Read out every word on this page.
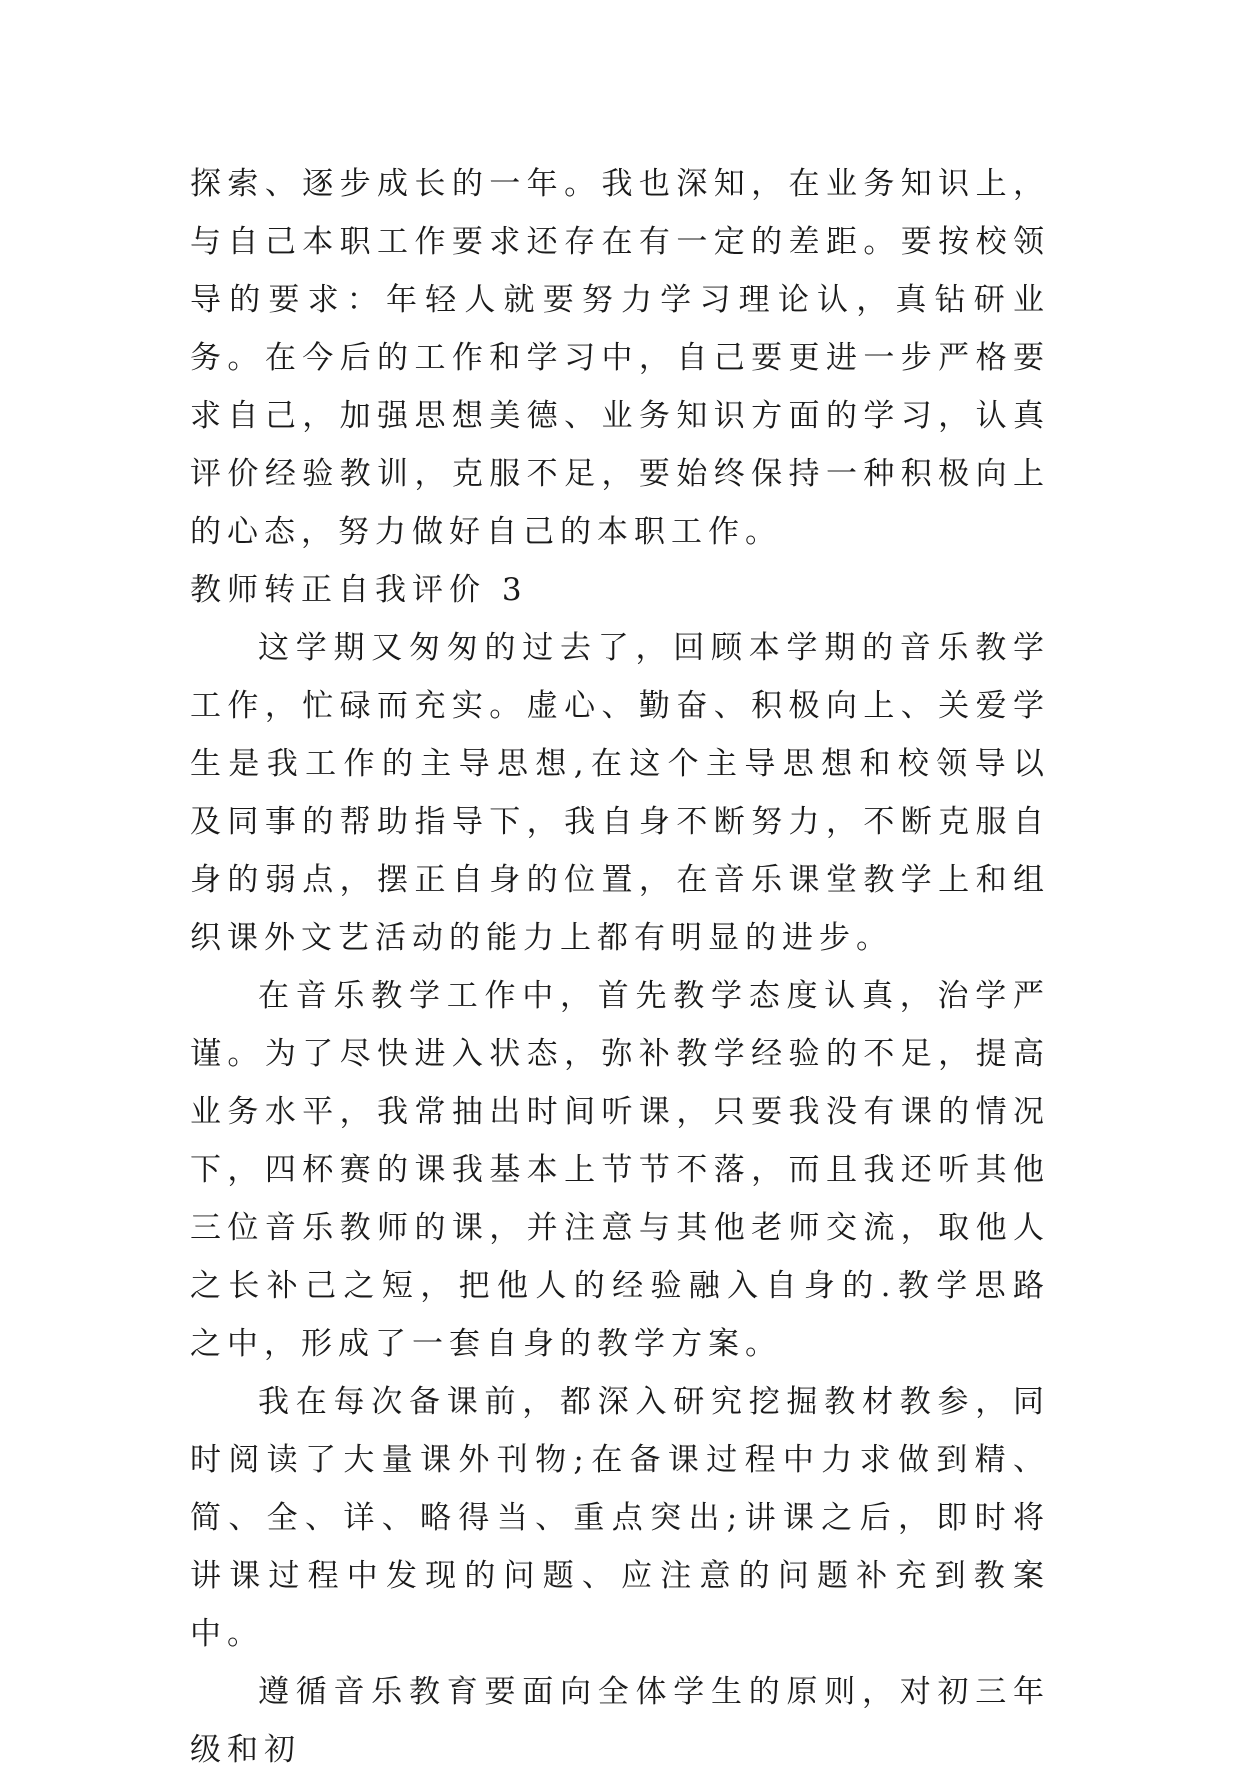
探索、逐步成长的一年。我也深知，在业务知识上，与自己本职工作要求还存在有一定的差距。要按校领导的要求：年轻人就要努力学习理论认，真钻研业务。在今后的工作和学习中，自己要更进一步严格要求自己，加强思想美德、业务知识方面的学习，认真评价经验教训，克服不足，要始终保持一种积极向上的心态，努力做好自己的本职工作。

教师转正自我评价 3

这学期又匆匆的过去了，回顾本学期的音乐教学工作，忙碌而充实。虚心、勤奋、积极向上、关爱学生是我工作的主导思想,在这个主导思想和校领导以及同事的帮助指导下，我自身不断努力，不断克服自身的弱点，摆正自身的位置，在音乐课堂教学上和组织课外文艺活动的能力上都有明显的进步。

在音乐教学工作中，首先教学态度认真，治学严谨。为了尽快进入状态，弥补教学经验的不足，提高业务水平，我常抽出时间听课，只要我没有课的情况下，四杯赛的课我基本上节节不落，而且我还听其他三位音乐教师的课，并注意与其他老师交流，取他人之长补己之短，把他人的经验融入自身的.教学思路之中，形成了一套自身的教学方案。

我在每次备课前，都深入研究挖掘教材教参，同时阅读了大量课外刊物;在备课过程中力求做到精、简、全、详、略得当、重点突出;讲课之后，即时将讲课过程中发现的问题、应注意的问题补充到教案中。

遵循音乐教育要面向全体学生的原则，对初三年级和初
